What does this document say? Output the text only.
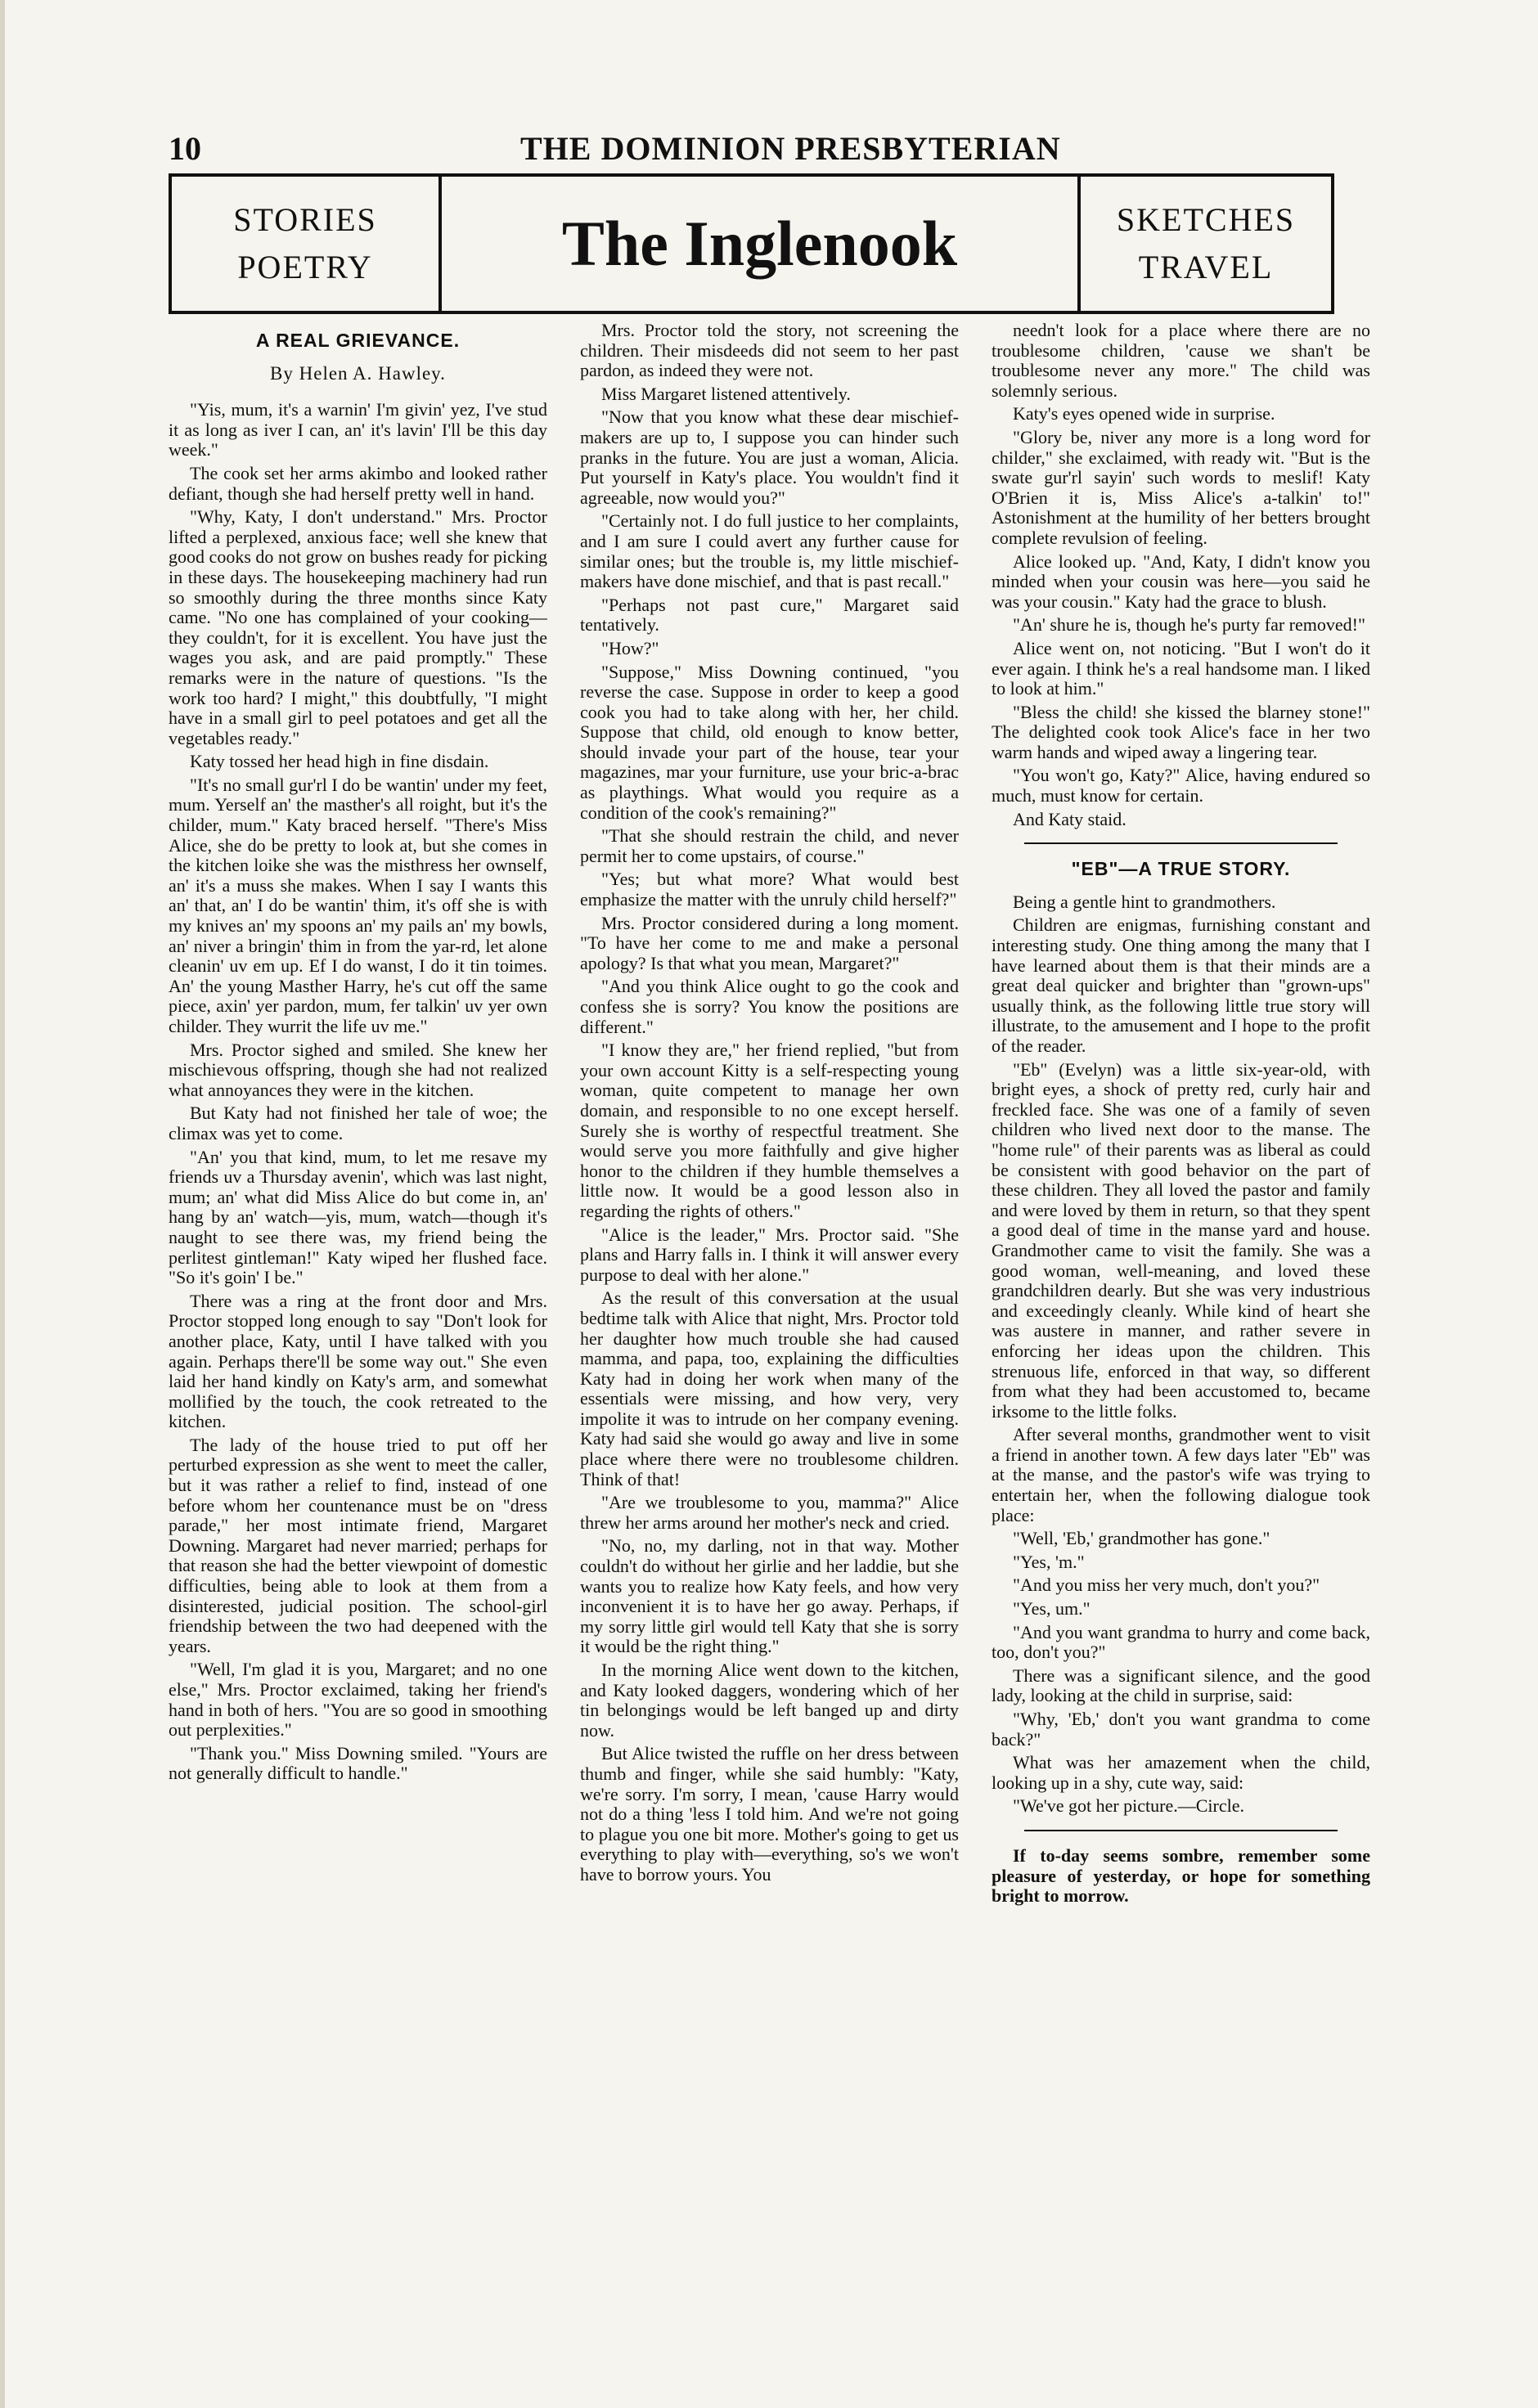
10	THE DOMINION PRESBYTERIAN
STORIES
POETRY	The Inglenook	SKETCHES
TRAVEL
A REAL GRIEVANCE.
By Helen A. Hawley.

"Yis, mum, it's a warnin' I'm givin' yez, I've stud it as long as iver I can, an' it's lavin' I'll be this day week."

The cook set her arms akimbo and looked rather defiant, though she had herself pretty well in hand.

"Why, Katy, I don't understand." Mrs. Proctor lifted a perplexed, anxious face; well she knew that good cooks do not grow on bushes ready for picking in these days. The housekeeping machinery had run so smoothly during the three months since Katy came. "No one has complained of your cooking—they couldn't, for it is excellent. You have just the wages you ask, and are paid promptly." These remarks were in the nature of questions. "Is the work too hard? I might," this doubtfully, "I might have in a small girl to peel potatoes and get all the vegetables ready."

Katy tossed her head high in fine disdain.

"It's no small gur'rl I do be wantin' under my feet, mum. Yerself an' the masther's all roight, but it's the childer, mum." Katy braced herself. "There's Miss Alice, she do be pretty to look at, but she comes in the kitchen loike she was the misthress her ownself, an' it's a muss she makes. When I say I wants this an' that, an' I do be wantin' thim, it's off she is with my knives an' my spoons an' my pails an' my bowls, an' niver a bringin' thim in from the yar-rd, let alone cleanin' uv em up. Ef I do wanst, I do it tin toimes. An' the young Masther Harry, he's cut off the same piece, axin' yer pardon, mum, fer talkin' uv yer own childer. They wurrit the life uv me."

Mrs. Proctor sighed and smiled. She knew her mischievous offspring, though she had not realized what annoyances they were in the kitchen.

But Katy had not finished her tale of woe; the climax was yet to come.

"An' you that kind, mum, to let me resave my friends uv a Thursday avenin', which was last night, mum; an' what did Miss Alice do but come in, an' hang by an' watch—yis, mum, watch—though it's naught to see there was, my friend being the perlitest gintleman!" Katy wiped her flushed face. "So it's goin' I be."

There was a ring at the front door and Mrs. Proctor stopped long enough to say "Don't look for another place, Katy, until I have talked with you again. Perhaps there'll be some way out." She even laid her hand kindly on Katy's arm, and somewhat mollified by the touch, the cook retreated to the kitchen.

The lady of the house tried to put off her perturbed expression as she went to meet the caller, but it was rather a relief to find, instead of one before whom her countenance must be on "dress parade," her most intimate friend, Margaret Downing. Margaret had never married; perhaps for that reason she had the better viewpoint of domestic difficulties, being able to look at them from a disinterested, judicial position. The school-girl friendship between the two had deepened with the years.

"Well, I'm glad it is you, Margaret; and no one else," Mrs. Proctor exclaimed, taking her friend's hand in both of hers. "You are so good in smoothing out perplexities."

"Thank you." Miss Downing smiled. "Yours are not generally difficult to handle."

Mrs. Proctor told the story, not screening the children. Their misdeeds did not seem to her past pardon, as indeed they were not.

Miss Margaret listened attentively.

"Now that you know what these dear mischief-makers are up to, I suppose you can hinder such pranks in the future. You are just a woman, Alicia. Put yourself in Katy's place. You wouldn't find it agreeable, now would you?"

"Certainly not. I do full justice to her complaints, and I am sure I could avert any further cause for similar ones; but the trouble is, my little mischief-makers have done mischief, and that is past recall."

"Perhaps not past cure," Margaret said tentatively.

"How?"

"Suppose," Miss Downing continued, "you reverse the case. Suppose in order to keep a good cook you had to take along with her, her child. Suppose that child, old enough to know better, should invade your part of the house, tear your magazines, mar your furniture, use your bric-a-brac as playthings. What would you require as a condition of the cook's remaining?"

"That she should restrain the child, and never permit her to come upstairs, of course."

"Yes; but what more? What would best emphasize the matter with the unruly child herself?"

Mrs. Proctor considered during a long moment. "To have her come to me and make a personal apology? Is that what you mean, Margaret?"

"And you think Alice ought to go the cook and confess she is sorry? You know the positions are different."

"I know they are," her friend replied, "but from your own account Kitty is a self-respecting young woman, quite competent to manage her own domain, and responsible to no one except herself. Surely she is worthy of respectful treatment. She would serve you more faithfully and give higher honor to the children if they humble themselves a little now. It would be a good lesson also in regarding the rights of others."

"Alice is the leader," Mrs. Proctor said. "She plans and Harry falls in. I think it will answer every purpose to deal with her alone."

As the result of this conversation at the usual bedtime talk with Alice that night, Mrs. Proctor told her daughter how much trouble she had caused mamma, and papa, too, explaining the difficulties Katy had in doing her work when many of the essentials were missing, and how very, very impolite it was to intrude on her company evening. Katy had said she would go away and live in some place where there were no troublesome children. Think of that!

"Are we troublesome to you, mamma?" Alice threw her arms around her mother's neck and cried.

"No, no, my darling, not in that way. Mother couldn't do without her girlie and her laddie, but she wants you to realize how Katy feels, and how very inconvenient it is to have her go away. Perhaps, if my sorry little girl would tell Katy that she is sorry it would be the right thing."

In the morning Alice went down to the kitchen, and Katy looked daggers, wondering which of her tin belongings would be left banged up and dirty now.

But Alice twisted the ruffle on her dress between thumb and finger, while she said humbly: "Katy, we're sorry. I'm sorry, I mean, 'cause Harry would not do a thing 'less I told him. And we're not going to plague you one bit more. Mother's going to get us everything to play with—everything, so's we won't have to borrow yours. You

needn't look for a place where there are no troublesome children, 'cause we shan't be troublesome never any more." The child was solemnly serious.

Katy's eyes opened wide in surprise.

"Glory be, niver any more is a long word for childer," she exclaimed, with ready wit. "But is the swate gur'rl sayin' such words to meslif! Katy O'Brien it is, Miss Alice's a-talkin' to!" Astonishment at the humility of her betters brought complete revulsion of feeling.

Alice looked up. "And, Katy, I didn't know you minded when your cousin was here—you said he was your cousin." Katy had the grace to blush.

"An' shure he is, though he's purty far removed!"

Alice went on, not noticing. "But I won't do it ever again. I think he's a real handsome man. I liked to look at him."

"Bless the child! she kissed the blarney stone!" The delighted cook took Alice's face in her two warm hands and wiped away a lingering tear.

"You won't go, Katy?" Alice, having endured so much, must know for certain.

And Katy staid.

"EB"—A TRUE STORY.

Being a gentle hint to grandmothers.

Children are enigmas, furnishing constant and interesting study. One thing among the many that I have learned about them is that their minds are a great deal quicker and brighter than "grown-ups" usually think, as the following little true story will illustrate, to the amusement and I hope to the profit of the reader.

"Eb" (Evelyn) was a little six-year-old, with bright eyes, a shock of pretty red, curly hair and freckled face. She was one of a family of seven children who lived next door to the manse. The "home rule" of their parents was as liberal as could be consistent with good behavior on the part of these children. They all loved the pastor and family and were loved by them in return, so that they spent a good deal of time in the manse yard and house. Grandmother came to visit the family. She was a good woman, well-meaning, and loved these grandchildren dearly. But she was very industrious and exceedingly cleanly. While kind of heart she was austere in manner, and rather severe in enforcing her ideas upon the children. This strenuous life, enforced in that way, so different from what they had been accustomed to, became irksome to the little folks.

After several months, grandmother went to visit a friend in another town. A few days later "Eb" was at the manse, and the pastor's wife was trying to entertain her, when the following dialogue took place:

"Well, 'Eb,' grandmother has gone."

"Yes, 'm."

"And you miss her very much, don't you?"

"Yes, um."

"And you want grandma to hurry and come back, too, don't you?"

There was a significant silence, and the good lady, looking at the child in surprise, said:

"Why, 'Eb,' don't you want grandma to come back?"

What was her amazement when the child, looking up in a shy, cute way, said:

"We've got her picture.—Circle.

If to-day seems sombre, remember some pleasure of yesterday, or hope for something bright to morrow.
